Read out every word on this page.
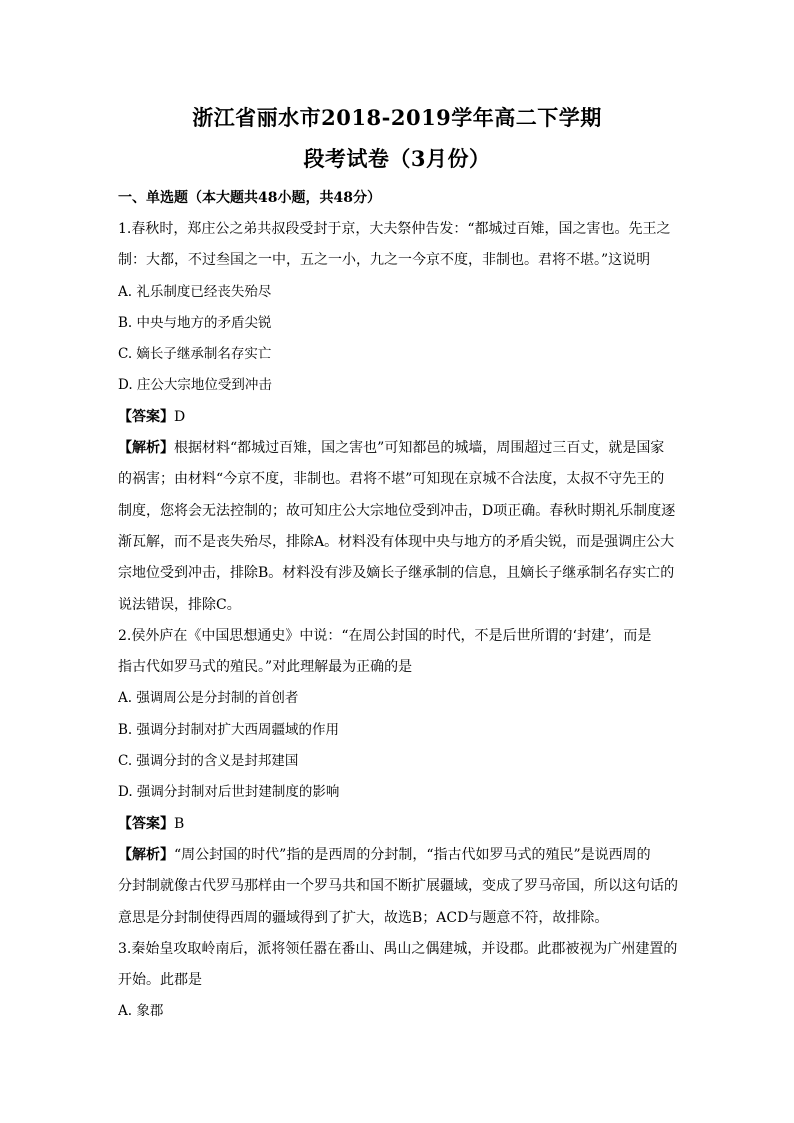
浙江省丽水市2018-2019学年高二下学期
段考试卷（3月份）
一、单选题（本大题共48小题，共48分）
1.春秋时，郑庄公之弟共叔段受封于京，大夫祭仲告发：“都城过百雉，国之害也。先王之
制：大都，不过叁国之一中，五之一小，九之一今京不度，非制也。君将不堪。”这说明
A. 礼乐制度已经丧失殆尽
B. 中央与地方的矛盾尖锐
C. 嫡长子继承制名存实亡
D. 庄公大宗地位受到冲击
【答案】D
【解析】根据材料“都城过百雉，国之害也”可知都邑的城墙，周围超过三百丈，就是国家
的祸害；由材料“今京不度，非制也。君将不堪”可知现在京城不合法度，太叔不守先王的
制度，您将会无法控制的；故可知庄公大宗地位受到冲击，D项正确。春秋时期礼乐制度逐
渐瓦解，而不是丧失殆尽，排除A。材料没有体现中央与地方的矛盾尖锐，而是强调庄公大
宗地位受到冲击，排除B。材料没有涉及嫡长子继承制的信息，且嫡长子继承制名存实亡的
说法错误，排除C。
2.侯外庐在《中国思想通史》中说：“在周公封国的时代，不是后世所谓的‘封建’，而是
指古代如罗马式的殖民。”对此理解最为正确的是
A. 强调周公是分封制的首创者
B. 强调分封制对扩大西周疆域的作用
C. 强调分封的含义是封邦建国
D. 强调分封制对后世封建制度的影响
【答案】B
【解析】“周公封国的时代”指的是西周的分封制，“指古代如罗马式的殖民”是说西周的
分封制就像古代罗马那样由一个罗马共和国不断扩展疆域，变成了罗马帝国，所以这句话的
意思是分封制使得西周的疆域得到了扩大，故选B；ACD与题意不符，故排除。
3.秦始皇攻取岭南后，派将领任嚣在番山、禺山之偶建城，并设郡。此郡被视为广州建置的
开始。此郡是
A. 象郡
